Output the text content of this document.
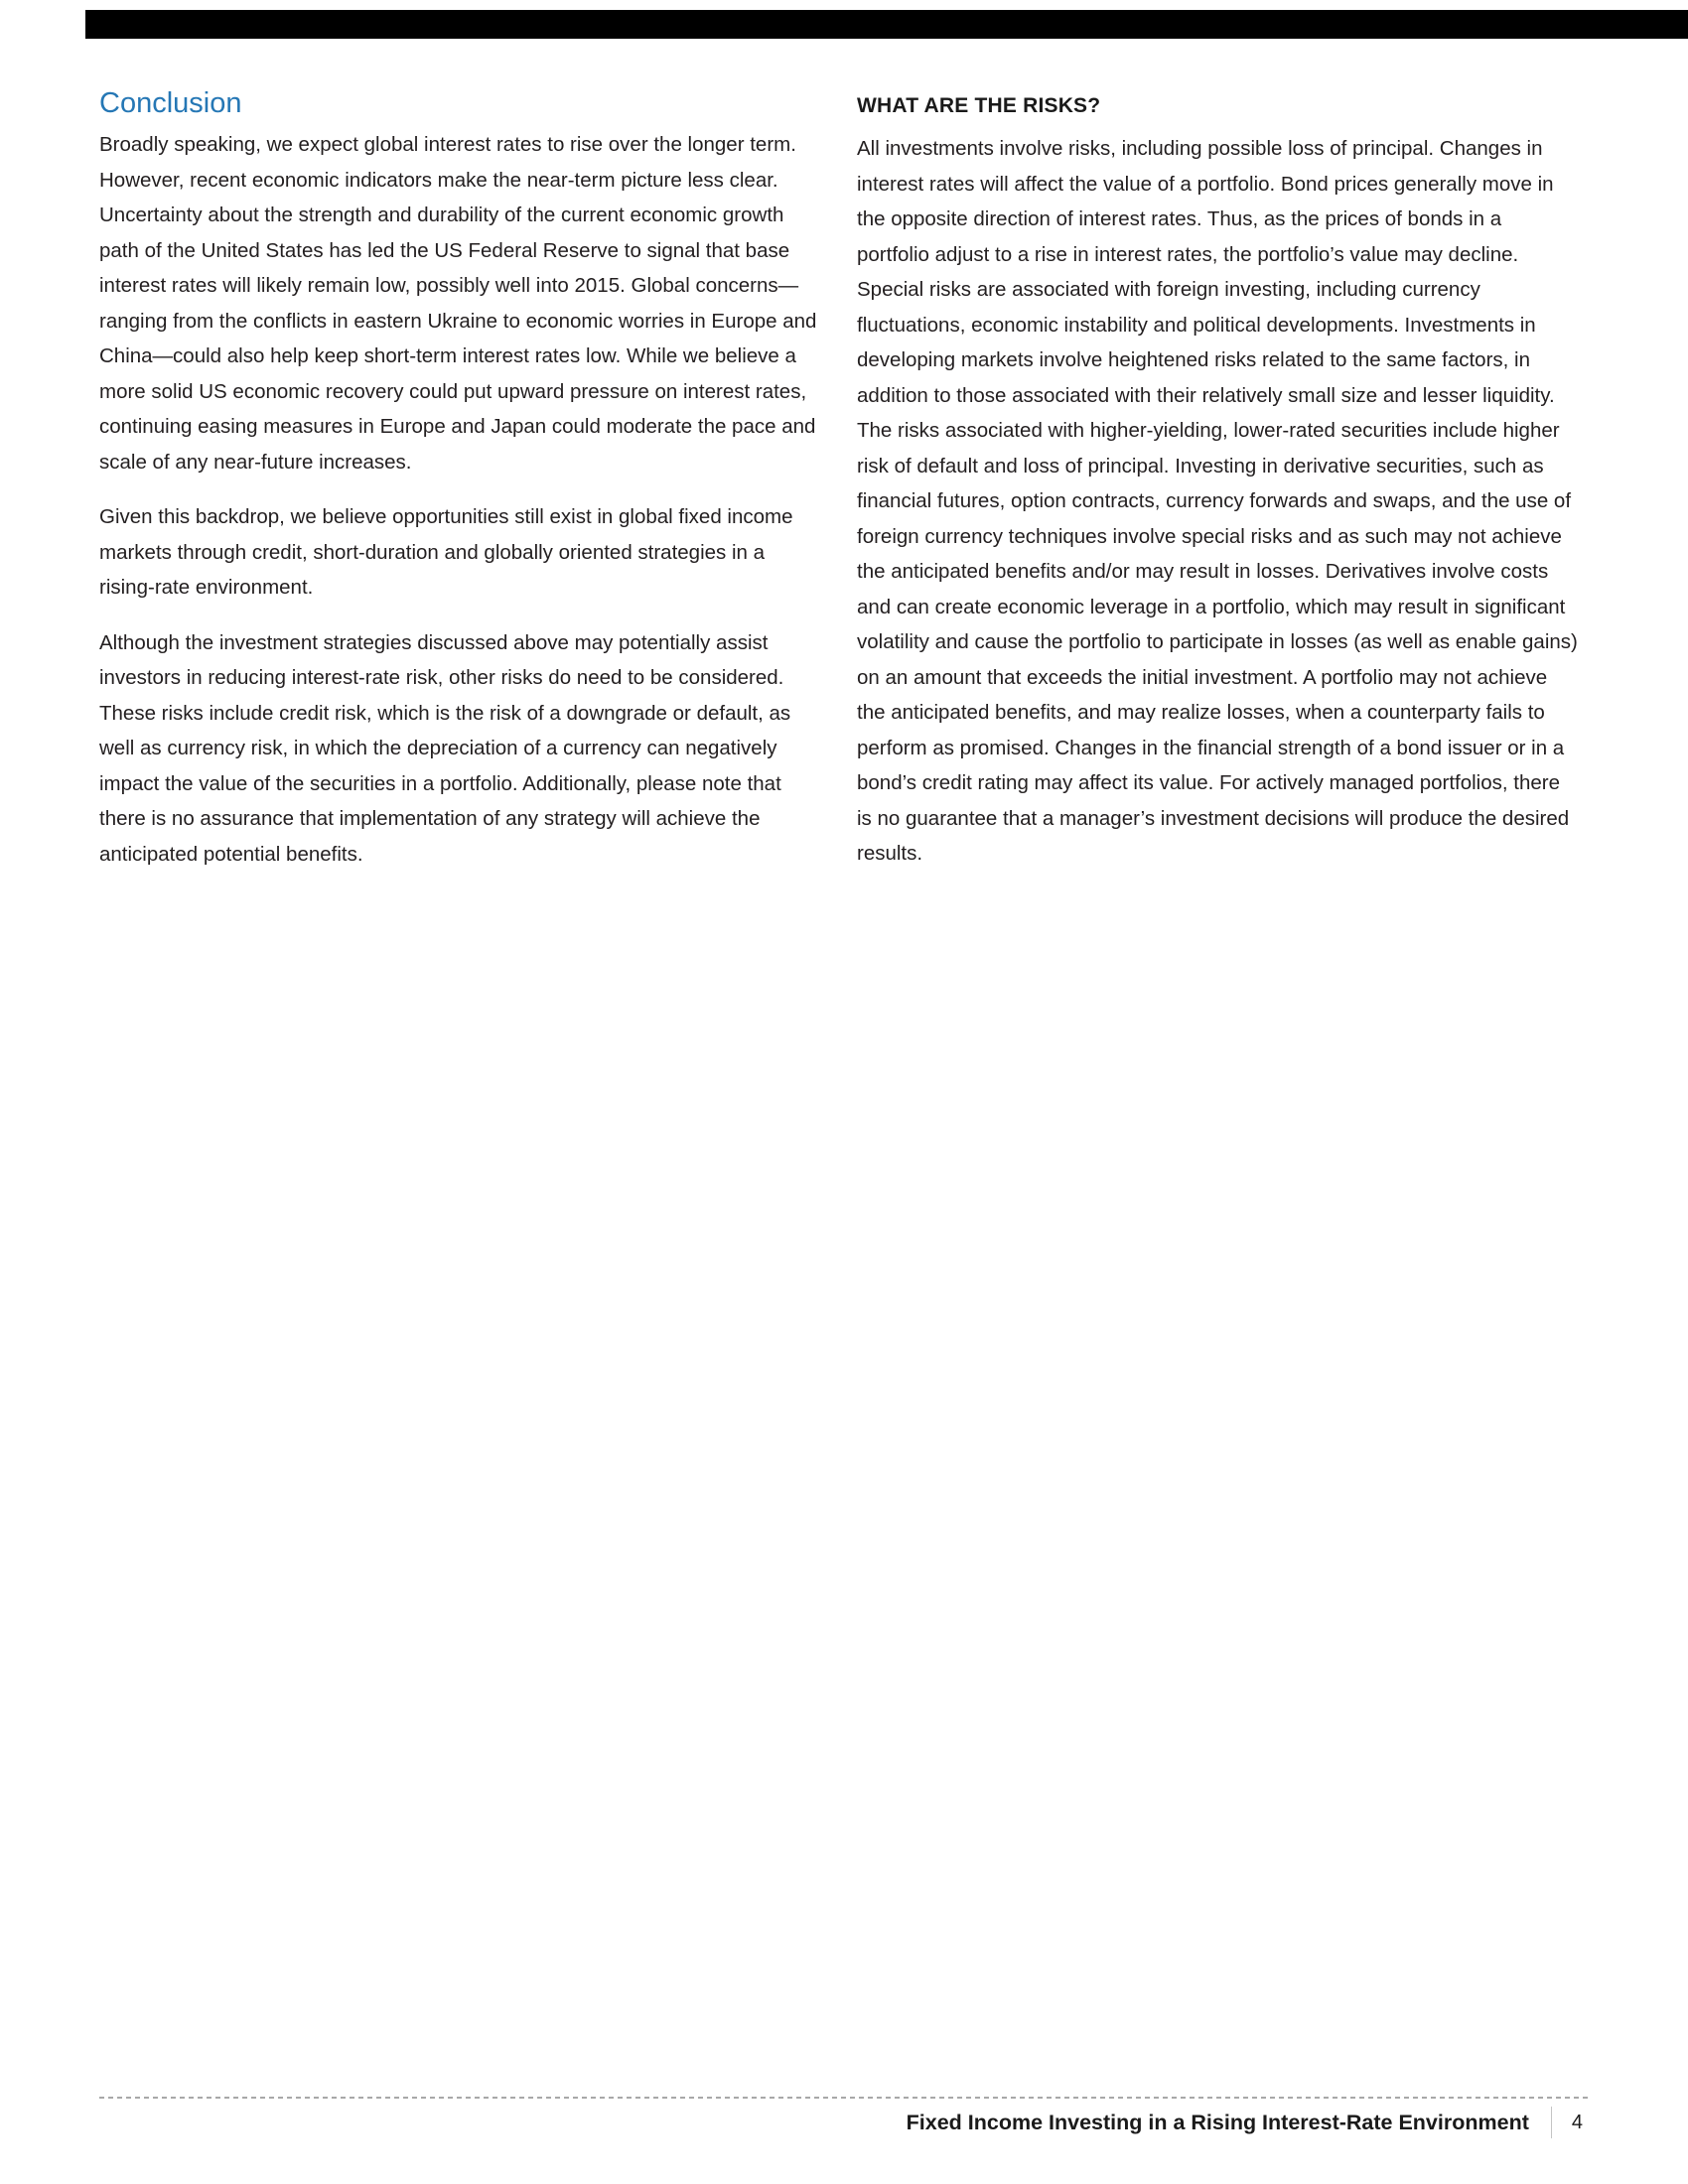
Conclusion

Broadly speaking, we expect global interest rates to rise over the longer term. However, recent economic indicators make the near-term picture less clear. Uncertainty about the strength and durability of the current economic growth path of the United States has led the US Federal Reserve to signal that base interest rates will likely remain low, possibly well into 2015. Global concerns—ranging from the conflicts in eastern Ukraine to economic worries in Europe and China—could also help keep short-term interest rates low. While we believe a more solid US economic recovery could put upward pressure on interest rates, continuing easing measures in Europe and Japan could moderate the pace and scale of any near-future increases.

Given this backdrop, we believe opportunities still exist in global fixed income markets through credit, short-duration and globally oriented strategies in a rising-rate environment.

Although the investment strategies discussed above may potentially assist investors in reducing interest-rate risk, other risks do need to be considered. These risks include credit risk, which is the risk of a downgrade or default, as well as currency risk, in which the depreciation of a currency can negatively impact the value of the securities in a portfolio. Additionally, please note that there is no assurance that implementation of any strategy will achieve the anticipated potential benefits.

WHAT ARE THE RISKS?

All investments involve risks, including possible loss of principal. Changes in interest rates will affect the value of a portfolio. Bond prices generally move in the opposite direction of interest rates. Thus, as the prices of bonds in a portfolio adjust to a rise in interest rates, the portfolio’s value may decline. Special risks are associated with foreign investing, including currency fluctuations, economic instability and political developments. Investments in developing markets involve heightened risks related to the same factors, in addition to those associated with their relatively small size and lesser liquidity. The risks associated with higher-yielding, lower-rated securities include higher risk of default and loss of principal. Investing in derivative securities, such as financial futures, option contracts, currency forwards and swaps, and the use of foreign currency techniques involve special risks and as such may not achieve the anticipated benefits and/or may result in losses. Derivatives involve costs and can create economic leverage in a portfolio, which may result in significant volatility and cause the portfolio to participate in losses (as well as enable gains) on an amount that exceeds the initial investment. A portfolio may not achieve the anticipated benefits, and may realize losses, when a counterparty fails to perform as promised. Changes in the financial strength of a bond issuer or in a bond’s credit rating may affect its value. For actively managed portfolios, there is no guarantee that a manager’s investment decisions will produce the desired results.

Fixed Income Investing in a Rising Interest-Rate Environment 4
